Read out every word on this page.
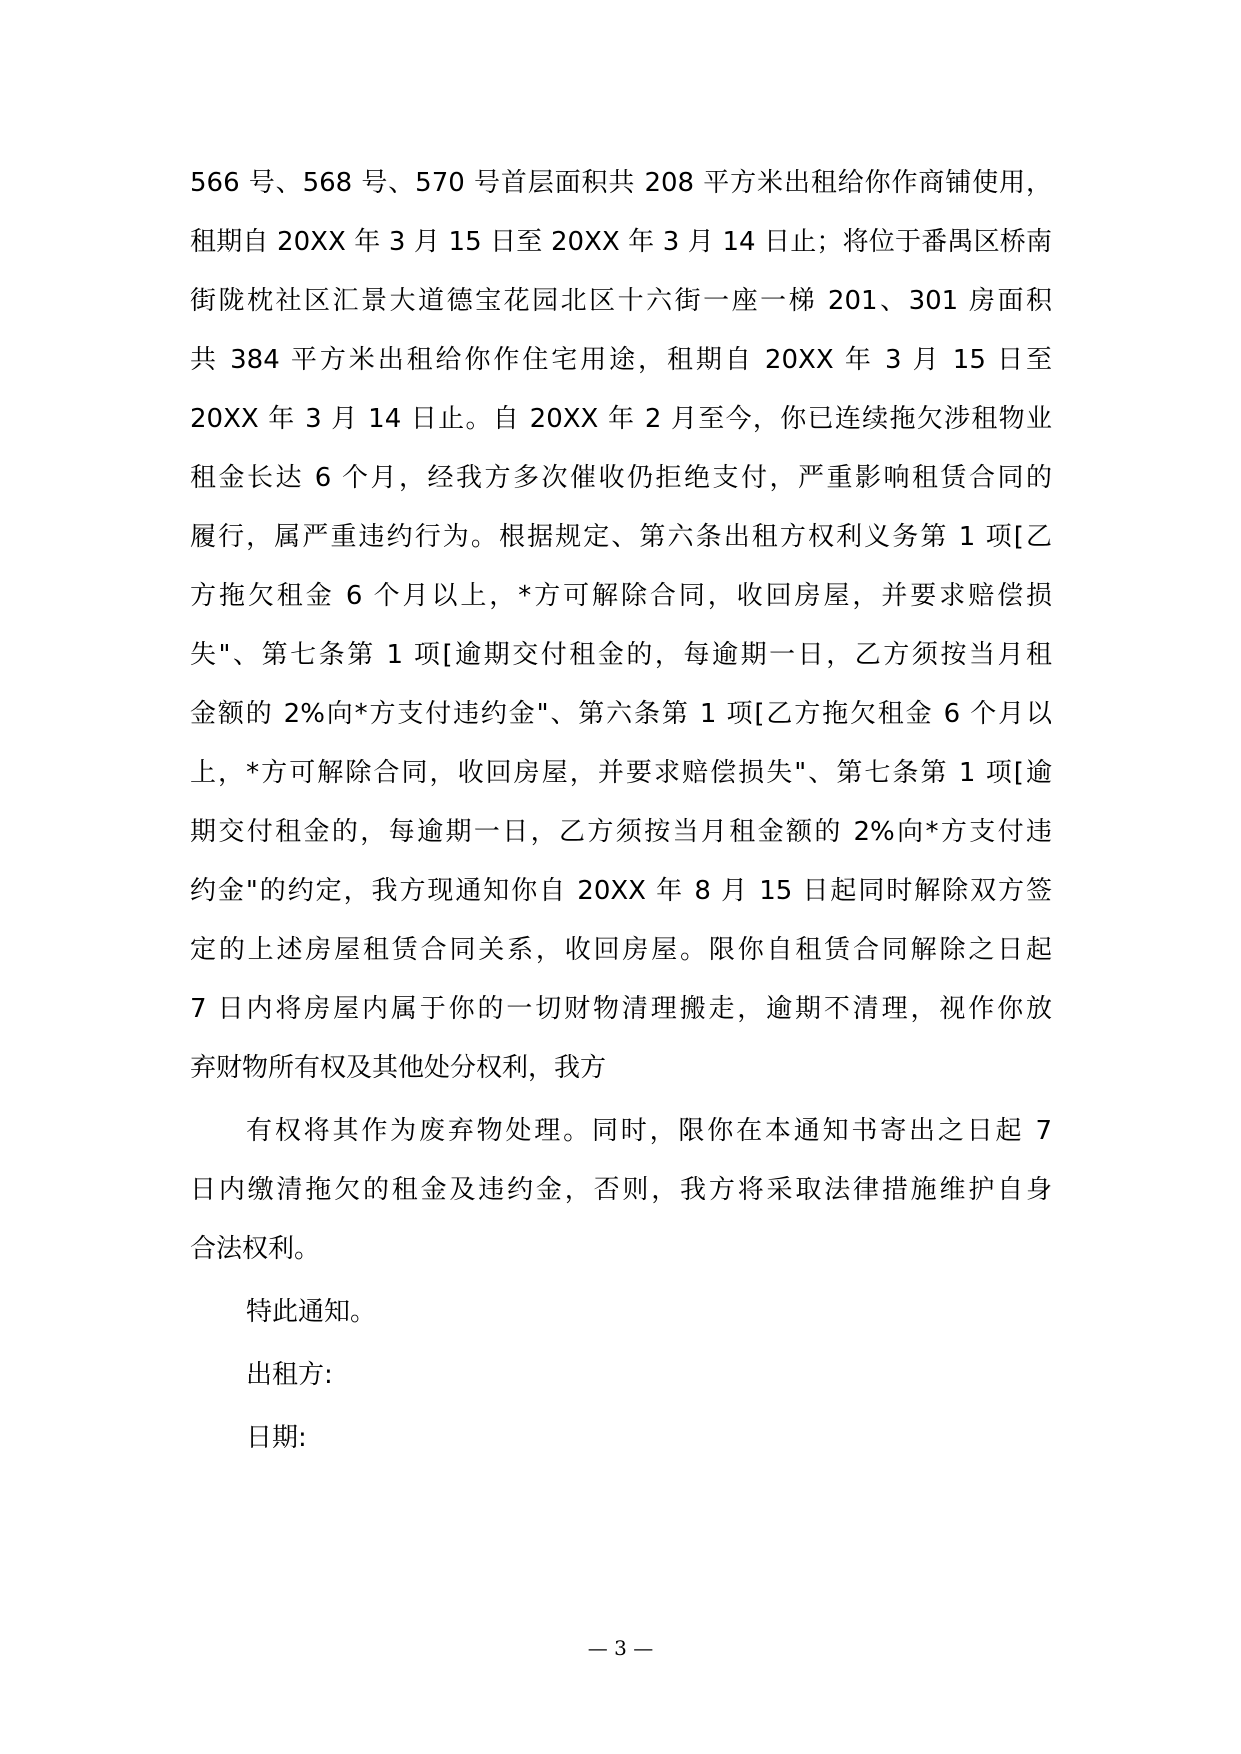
566 号、568 号、570 号首层面积共 208 平方米出租给你作商铺使用，
租期自 20XX 年 3 月 15 日至 20XX 年 3 月 14 日止；将位于番禺区桥南
街陇枕社区汇景大道德宝花园北区十六街一座一梯 201、301 房面积
共 384 平方米出租给你作住宅用途，租期自 20XX 年 3 月 15 日至
20XX 年 3 月 14 日止。自 20XX 年 2 月至今，你已连续拖欠涉租物业
租金长达 6 个月，经我方多次催收仍拒绝支付，严重影响租赁合同的
履行，属严重违约行为。根据规定、第六条出租方权利义务第 1 项[乙
方拖欠租金 6 个月以上，*方可解除合同，收回房屋，并要求赔偿损
失"、第七条第 1 项[逾期交付租金的，每逾期一日，乙方须按当月租
金额的 2%向*方支付违约金"、第六条第 1 项[乙方拖欠租金 6 个月以
上，*方可解除合同，收回房屋，并要求赔偿损失"、第七条第 1 项[逾
期交付租金的，每逾期一日，乙方须按当月租金额的 2%向*方支付违
约金"的约定，我方现通知你自 20XX 年 8 月 15 日起同时解除双方签
定的上述房屋租赁合同关系，收回房屋。限你自租赁合同解除之日起
7 日内将房屋内属于你的一切财物清理搬走，逾期不清理，视作你放
弃财物所有权及其他处分权利，我方
有权将其作为废弃物处理。同时，限你在本通知书寄出之日起 7
日内缴清拖欠的租金及违约金，否则，我方将采取法律措施维护自身
合法权利。
特此通知。
出租方:
日期:
— 3 —
